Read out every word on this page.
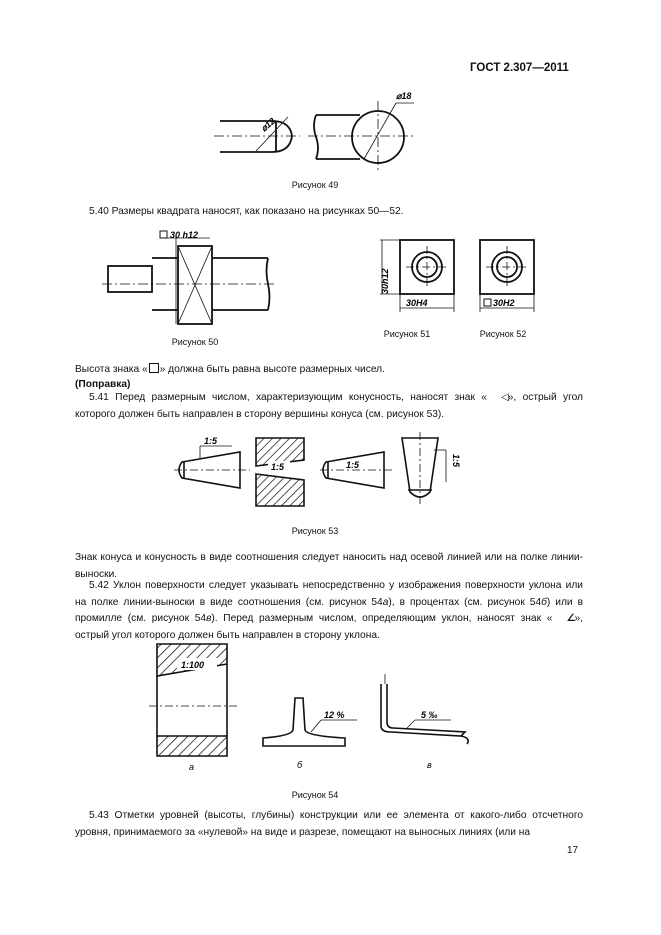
ГОСТ 2.307—2011
⌀12
⌀18
Рисунок 49
5.40 Размеры квадрата наносят, как показано на рисунках 50—52.
30 h12
Рисунок 50
30h12
30H4
Рисунок 51
30H2
Рисунок 52
Высота знака « » должна быть равна высоте размерных чисел.
(Поправка)
5.41 Перед размерным числом, характеризующим конусность, наносят знак « ◁», острый угол которого должен быть направлен в сторону вершины конуса (см. рисунок 53).
1:5
1:5	1:5	1:5
Рисунок 53
Знак конуса и конусность в виде соотношения следует наносить над осевой линией или на полке линии-выноски.
5.42 Уклон поверхности следует указывать непосредственно у изображения поверхности уклона или на полке линии-выноски в виде соотношения (см. рисунок 54а), в процентах (см. рисунок 54б) или в промилле (см. рисунок 54в). Перед размерным числом, определяющим уклон, наносят знак « ∠», острый угол которого должен быть направлен в сторону уклона.
1:100
12 %	5 ‰
а	б	в
Рисунок 54
5.43 Отметки уровней (высоты, глубины) конструкции или ее элемента от какого-либо отсчетного уровня, принимаемого за «нулевой» на виде и разрезе, помещают на выносных линиях (или на
17
